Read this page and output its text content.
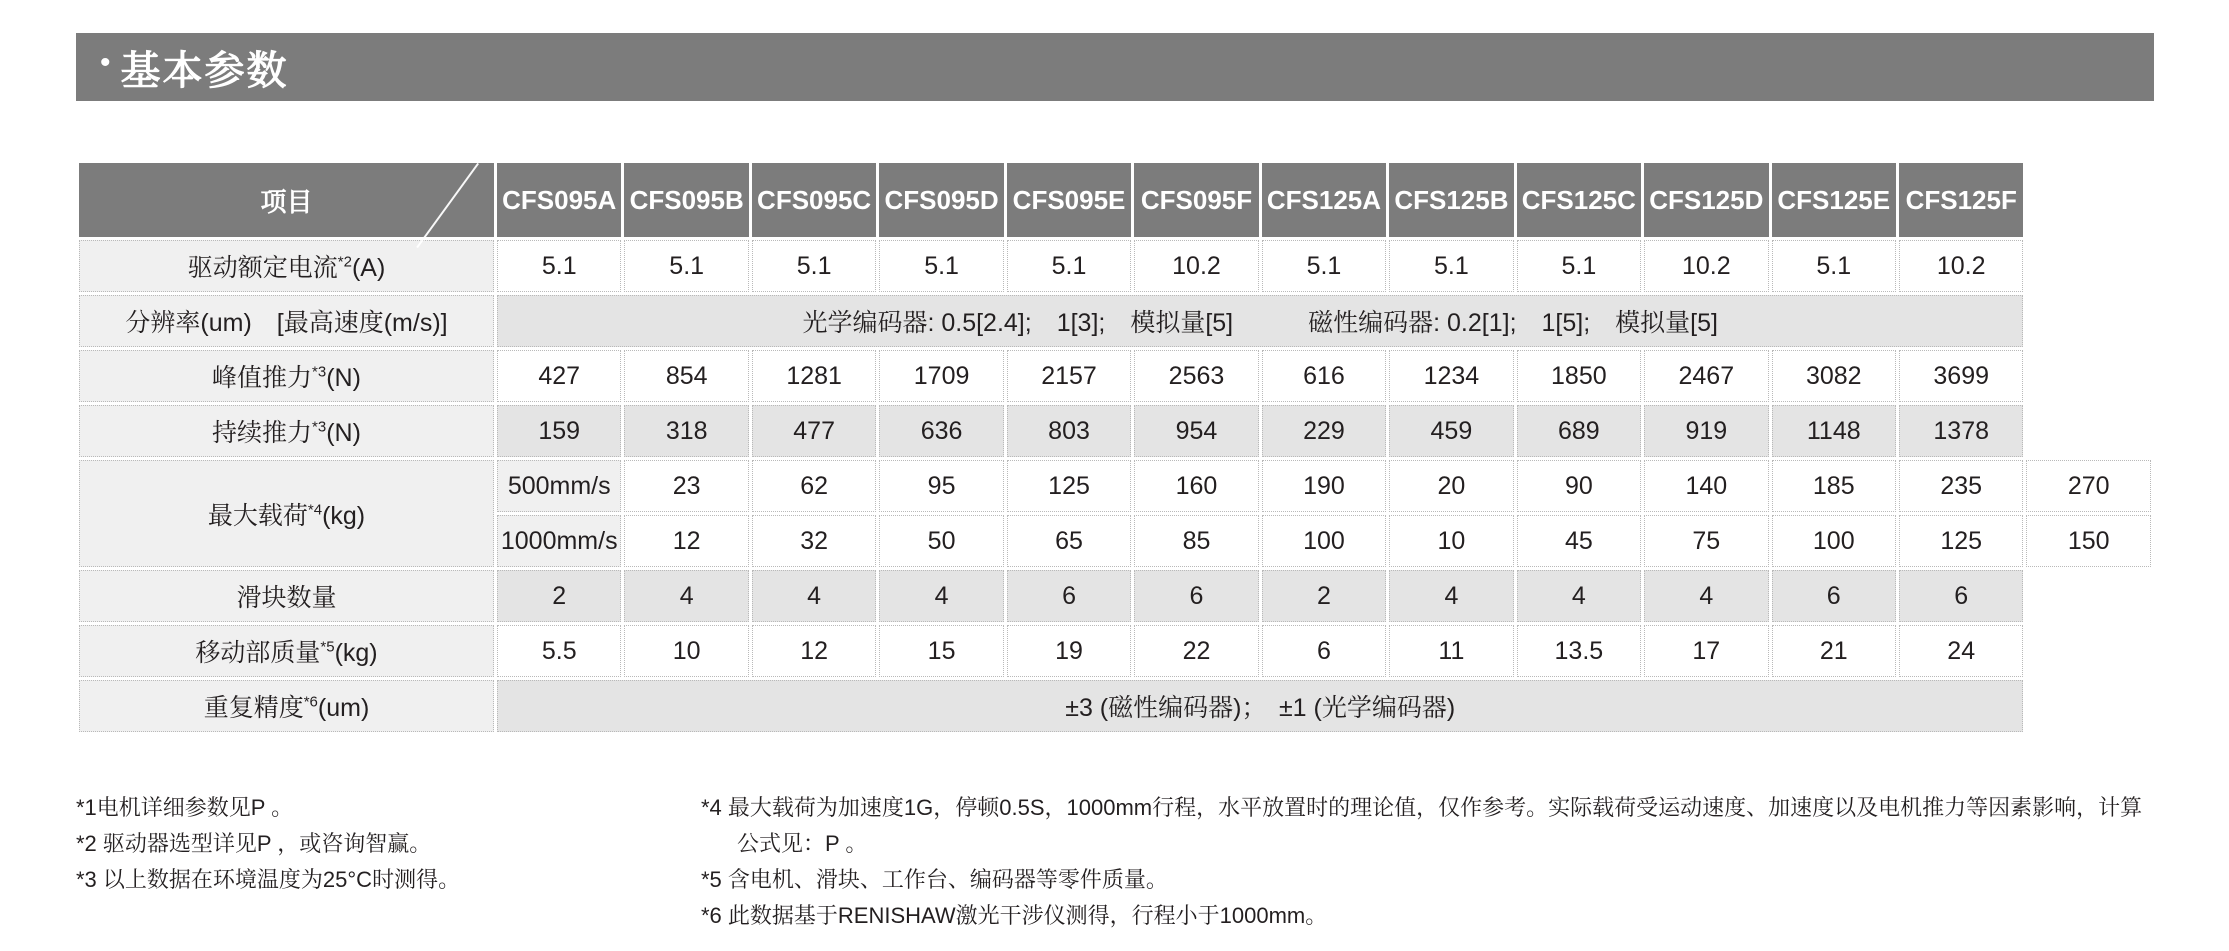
• 基本参数
项目	CFS095A	CFS095B	CFS095C	CFS095D	CFS095E	CFS095F	CFS125A	CFS125B	CFS125C	CFS125D	CFS125E	CFS125F	
驱动额定电流$^{*2}$(A)	5.1	5.1	5.1	5.1	5.1	10.2	5.1	5.1	5.1	10.2	5.1	10.2	
分辨率(um)　[最高速度(m/s)]	光学编码器: 0.5[2.4];　1[3];　模拟量[5]　　　磁性编码器: 0.2[1];　1[5];　模拟量[5]												
峰值推力$^{*3}$(N)	427	854	1281	1709	2157	2563	616	1234	1850	2467	3082	3699	
持续推力$^{*3}$(N)	159	318	477	636	803	954	229	459	689	919	1148	1378	
最大载荷$^{*4}$(kg)	500mm/s	23	62	95	125	160	190	20	90	140	185	235	270
	1000mm/s	12	32	50	65	85	100	10	45	75	100	125	150
滑块数量	2	4	4	4	6	6	2	4	4	4	6	6	
移动部质量$^{*5}$(kg)	5.5	10	12	15	19	22	6	11	13.5	17	21	24	
重复精度$^{*6}$(um)	±3 (磁性编码器)；　±1 (光学编码器)												
*1电机详细参数见P 。
*2 驱动器选型详见P ，或咨询智赢。
*3 以上数据在环境温度为25°C时测得。
*4 最大载荷为加速度1G，停顿0.5S，1000mm行程，水平放置时的理论值，仅作参考。实际载荷受运动速度、加速度以及电机推力等因素影响，计算
公式见：P 。
*5 含电机、滑块、工作台、编码器等零件质量。
*6 此数据基于RENISHAW激光干涉仪测得，行程小于1000mm。
